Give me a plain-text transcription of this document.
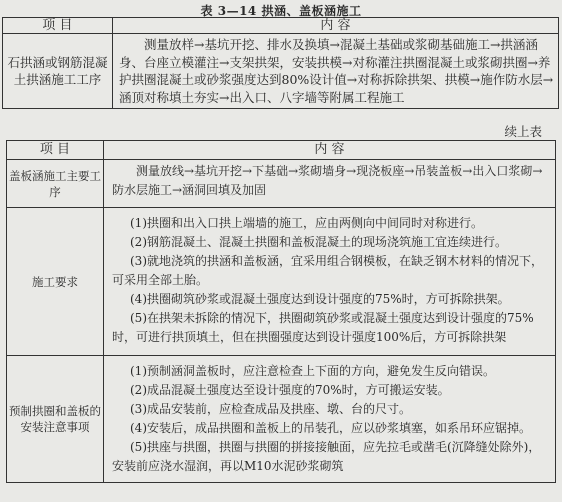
表 3—14 拱涵、盖板涵施工
项 目	内 容
石拱涵或钢筋混凝土拱涵施工工序	测量放样→基坑开挖、排水及换填→混凝土基础或浆砌基础施工→拱涵涵身、台座立模灌注→支架拱架，安装拱模→对称灌注拱圈混凝土或浆砌拱圈→养护拱圈混凝土或砂浆强度达到80%设计值→对称拆除拱架、拱模→施作防水层→涵顶对称填土夯实→出入口、八字墙等附属工程施工
续上表
项 目	内 容
盖板涵施工主要工序	测量放线→基坑开挖→下基础→浆砌墙身→现浇板座→吊装盖板→出入口浆砌→防水层施工→涵洞回填及加固

施工要求	(1)拱圈和出入口拱上端墙的施工，应由两侧向中间同时对称进行。
(2)钢筋混凝土、混凝土拱圈和盖板混凝土的现场浇筑施工宜连续进行。
(3)就地浇筑的拱涵和盖板涵，宜采用组合钢模板，在缺乏钢木材料的情况下，可采用全部土胎。
(4)拱圈砌筑砂浆或混凝土强度达到设计强度的75%时，方可拆除拱架。
(5)在拱架未拆除的情况下，拱圈砌筑砂浆或混凝土强度达到设计强度的75%时，可进行拱顶填土，但在拱圈强度达到设计强度100%后，方可拆除拱架

预制拱圈和盖板的安装注意事项	(1)预制涵洞盖板时，应注意检查上下面的方向，避免发生反向错误。
(2)成品混凝土强度达至设计强度的70%时，方可搬运安装。
(3)成品安装前，应检查成品及拱座、墩、台的尺寸。
(4)安装后，成品拱圈和盖板上的吊装孔，应以砂浆填塞，如系吊环应锯掉。
(5)拱座与拱圈，拱圈与拱圈的拼接接触面，应先拉毛或凿毛(沉降缝处除外)，安装前应浇水湿润，再以M10水泥砂浆砌筑
